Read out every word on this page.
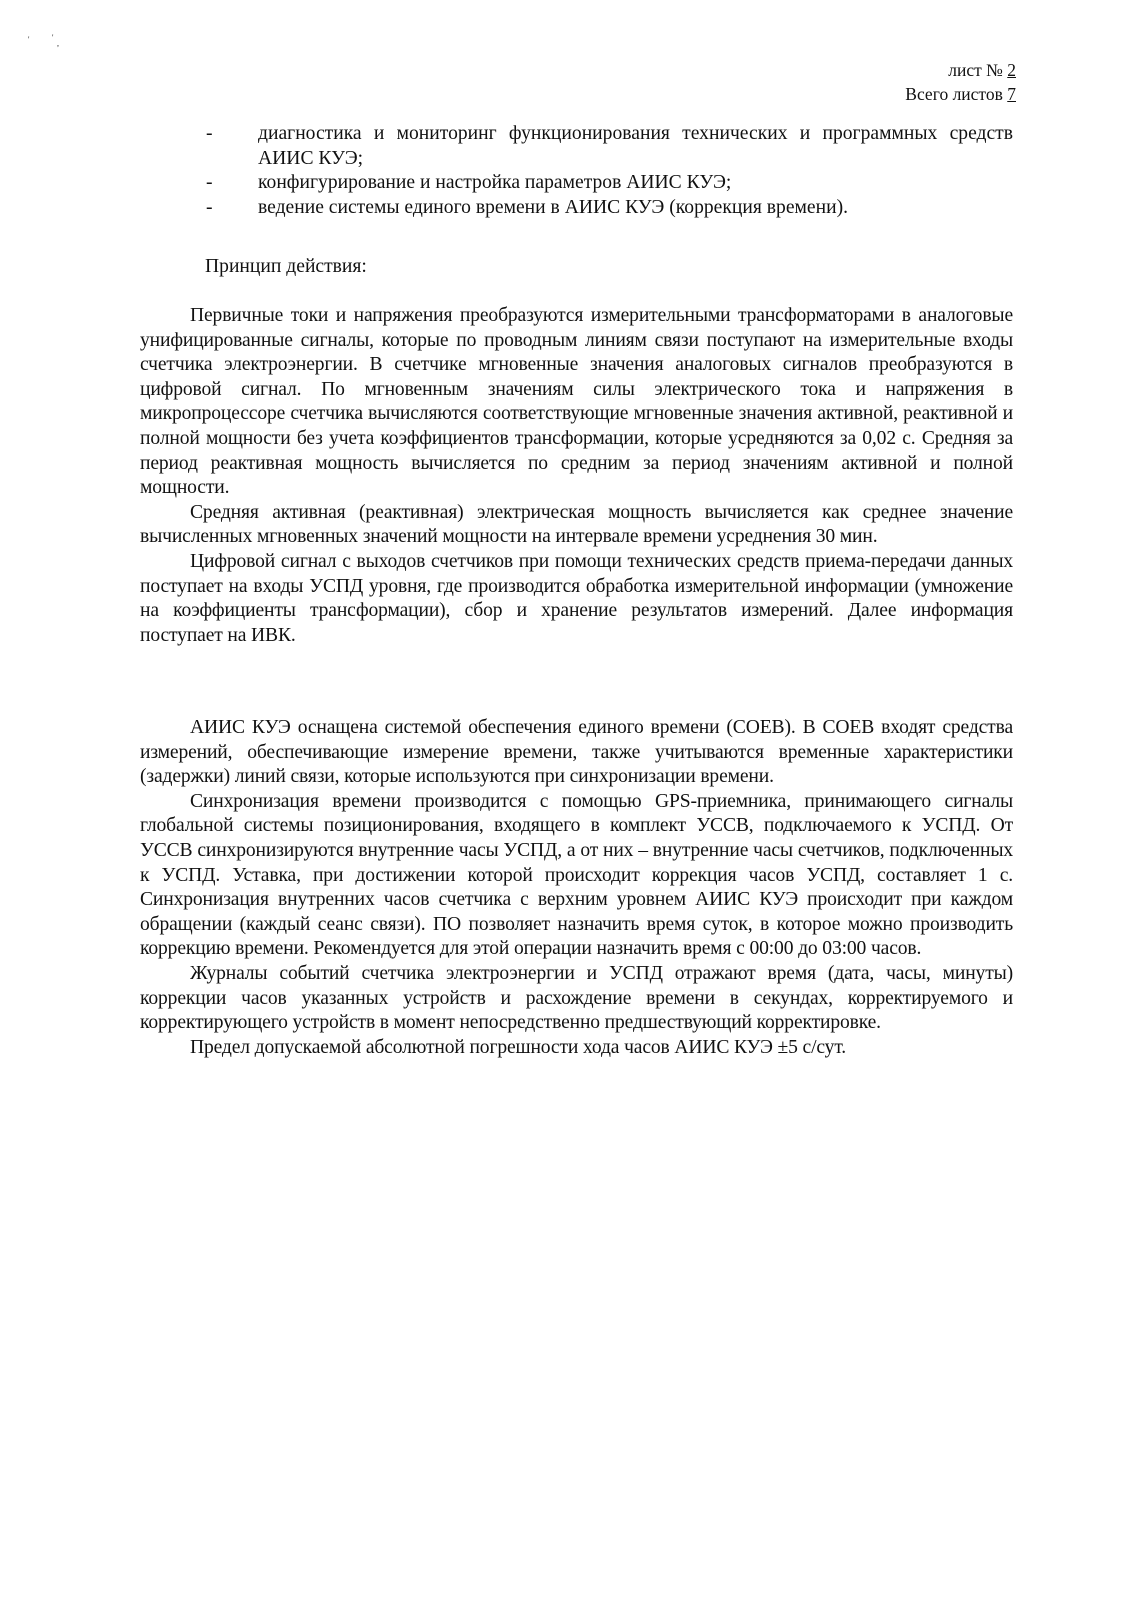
'	'
,
лист № 2
Всего листов 7
-	диагностика и мониторинг функционирования технических и программных средств АИИС КУЭ;
-	конфигурирование и настройка параметров АИИС КУЭ;
-	ведение системы единого времени в АИИС КУЭ (коррекция времени).
Принцип действия:

Первичные токи и напряжения преобразуются измерительными трансформаторами в аналоговые унифицированные сигналы, которые по проводным линиям связи поступают на измерительные входы счетчика электроэнергии. В счетчике мгновенные значения аналоговых сигналов преобразуются в цифровой сигнал. По мгновенным значениям силы электрического тока и напряжения в микропроцессоре счетчика вычисляются соответствующие мгновенные значения активной, реактивной и полной мощности без учета коэффициентов трансформации, которые усредняются за 0,02 с. Средняя за период реактивная мощность вычисляется по средним за период значениям активной и полной мощности.

Средняя активная (реактивная) электрическая мощность вычисляется как среднее значение вычисленных мгновенных значений мощности на интервале времени усреднения 30 мин.

Цифровой сигнал с выходов счетчиков при помощи технических средств приема-передачи данных поступает на входы УСПД уровня, где производится обработка измерительной информации (умножение на коэффициенты трансформации), сбор и хранение результатов измерений. Далее информация поступает на ИВК.

АИИС КУЭ оснащена системой обеспечения единого времени (СОЕВ). В СОЕВ входят средства измерений, обеспечивающие измерение времени, также учитываются временные характеристики (задержки) линий связи, которые используются при синхронизации времени.

Синхронизация времени производится с помощью GPS-приемника, принимающего сигналы глобальной системы позиционирования, входящего в комплект УССВ, подключаемого к УСПД. От УССВ синхронизируются внутренние часы УСПД, а от них – внутренние часы счетчиков, подключенных к УСПД. Уставка, при достижении которой происходит коррекция часов УСПД, составляет 1 с. Синхронизация внутренних часов счетчика с верхним уровнем АИИС КУЭ происходит при каждом обращении (каждый сеанс связи). ПО позволяет назначить время суток, в которое можно производить коррекцию времени. Рекомендуется для этой операции назначить время с 00:00 до 03:00 часов.

Журналы событий счетчика электроэнергии и УСПД отражают время (дата, часы, минуты) коррекции часов указанных устройств и расхождение времени в секундах, корректируемого и корректирующего устройств в момент непосредственно предшествующий корректировке.

Предел допускаемой абсолютной погрешности хода часов АИИС КУЭ ±5 с/сут.
